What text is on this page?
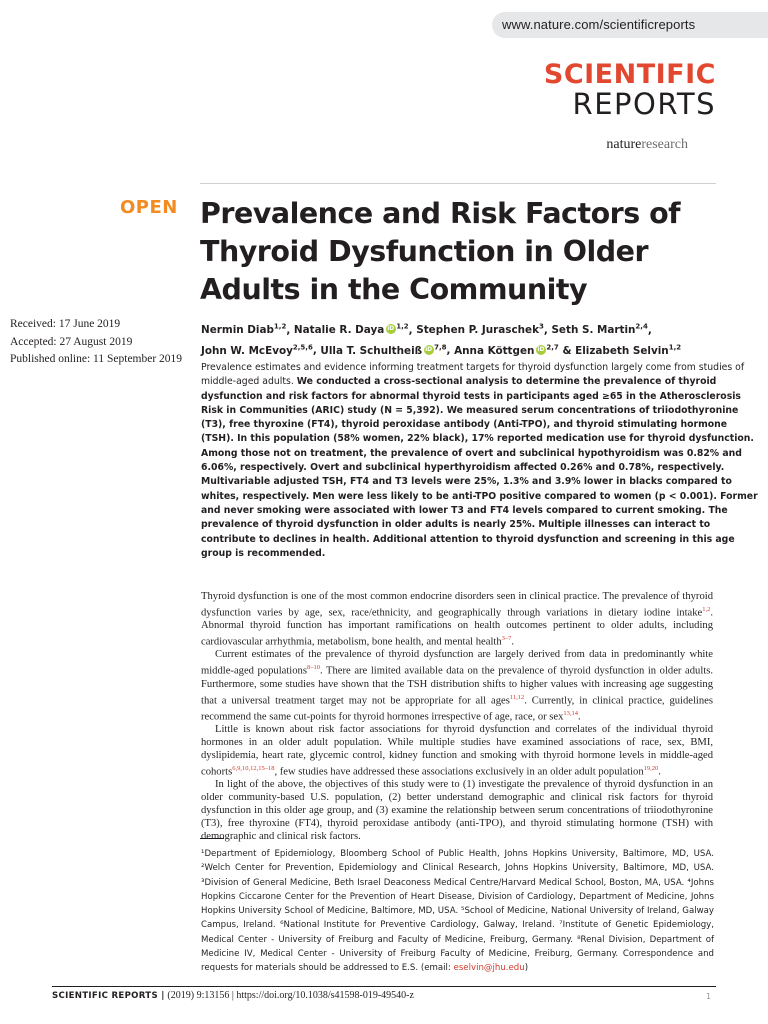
www.nature.com/scientificreports
SCIENTIFIC
REPORTS
natureresearch
OPEN Prevalence and Risk Factors of Thyroid Dysfunction in Older Adults in the Community
Received: 17 June 2019
Accepted: 27 August 2019
Published online: 11 September 2019
Nermin Diab$^{1,2}$, Natalie R. Daya iD $^{1,2}$, Stephen P. Juraschek$^3$, Seth S. Martin$^{2,4}$, John W. McEvoy$^{2,5,6}$, Ulla T. Schultheiß iD $^{7,8}$, Anna Köttgen iD $^{2,7}$ & Elizabeth Selvin$^{1,2}$
Prevalence estimates and evidence informing treatment targets for thyroid dysfunction largely come from studies of middle-aged adults. We conducted a cross-sectional analysis to determine the prevalence of thyroid dysfunction and risk factors for abnormal thyroid tests in participants aged ≥65 in the Atherosclerosis Risk in Communities (ARIC) study (N = 5,392). We measured serum concentrations of triiodothyronine (T3), free thyroxine (FT4), thyroid peroxidase antibody (Anti-TPO), and thyroid stimulating hormone (TSH). In this population (58% women, 22% black), 17% reported medication use for thyroid dysfunction. Among those not on treatment, the prevalence of overt and subclinical hypothyroidism was 0.82% and 6.06%, respectively. Overt and subclinical hyperthyroidism affected 0.26% and 0.78%, respectively. Multivariable adjusted TSH, FT4 and T3 levels were 25%, 1.3% and 3.9% lower in blacks compared to whites, respectively. Men were less likely to be anti-TPO positive compared to women (p < 0.001). Former and never smoking were associated with lower T3 and FT4 levels compared to current smoking. The prevalence of thyroid dysfunction in older adults is nearly 25%. Multiple illnesses can interact to contribute to declines in health. Additional attention to thyroid dysfunction and screening in this age group is recommended.

Thyroid dysfunction is one of the most common endocrine disorders seen in clinical practice. The prevalence of thyroid dysfunction varies by age, sex, race/ethnicity, and geographically through variations in dietary iodine intake$^{1,2}$. Abnormal thyroid function has important ramifications on health outcomes pertinent to older adults, including cardiovascular arrhythmia, metabolism, bone health, and mental health$^{3-7}$.

Current estimates of the prevalence of thyroid dysfunction are largely derived from data in predominantly white middle-aged populations$^{8-10}$. There are limited available data on the prevalence of thyroid dysfunction in older adults. Furthermore, some studies have shown that the TSH distribution shifts to higher values with increasing age suggesting that a universal treatment target may not be appropriate for all ages$^{11,12}$. Currently, in clinical practice, guidelines recommend the same cut-points for thyroid hormones irrespective of age, race, or sex$^{13,14}$.

Little is known about risk factor associations for thyroid dysfunction and correlates of the individual thyroid hormones in an older adult population. While multiple studies have examined associations of race, sex, BMI, dyslipidemia, heart rate, glycemic control, kidney function and smoking with thyroid hormone levels in middle-aged cohorts$^{6,9,10,12,15-18}$, few studies have addressed these associations exclusively in an older adult population$^{19,20}$.

In light of the above, the objectives of this study were to (1) investigate the prevalence of thyroid dysfunction in an older community-based U.S. population, (2) better understand demographic and clinical risk factors for thyroid dysfunction in this older age group, and (3) examine the relationship between serum concentrations of triiodothyronine (T3), free thyroxine (FT4), thyroid peroxidase antibody (anti-TPO), and thyroid stimulating hormone (TSH) with demographic and clinical risk factors.

¹Department of Epidemiology, Bloomberg School of Public Health, Johns Hopkins University, Baltimore, MD, USA. ²Welch Center for Prevention, Epidemiology and Clinical Research, Johns Hopkins University, Baltimore, MD, USA. ³Division of General Medicine, Beth Israel Deaconess Medical Centre/Harvard Medical School, Boston, MA, USA. ⁴Johns Hopkins Ciccarone Center for the Prevention of Heart Disease, Division of Cardiology, Department of Medicine, Johns Hopkins University School of Medicine, Baltimore, MD, USA. ⁵School of Medicine, National University of Ireland, Galway Campus, Ireland. ⁶National Institute for Preventive Cardiology, Galway, Ireland. ⁷Institute of Genetic Epidemiology, Medical Center - University of Freiburg and Faculty of Medicine, Freiburg, Germany. ⁸Renal Division, Department of Medicine IV, Medical Center - University of Freiburg Faculty of Medicine, Freiburg, Germany. Correspondence and requests for materials should be addressed to E.S. (email: eselvin@jhu.edu)
SCIENTIFIC REPORTS | (2019) 9:13156 | https://doi.org/10.1038/s41598-019-49540-z	1
